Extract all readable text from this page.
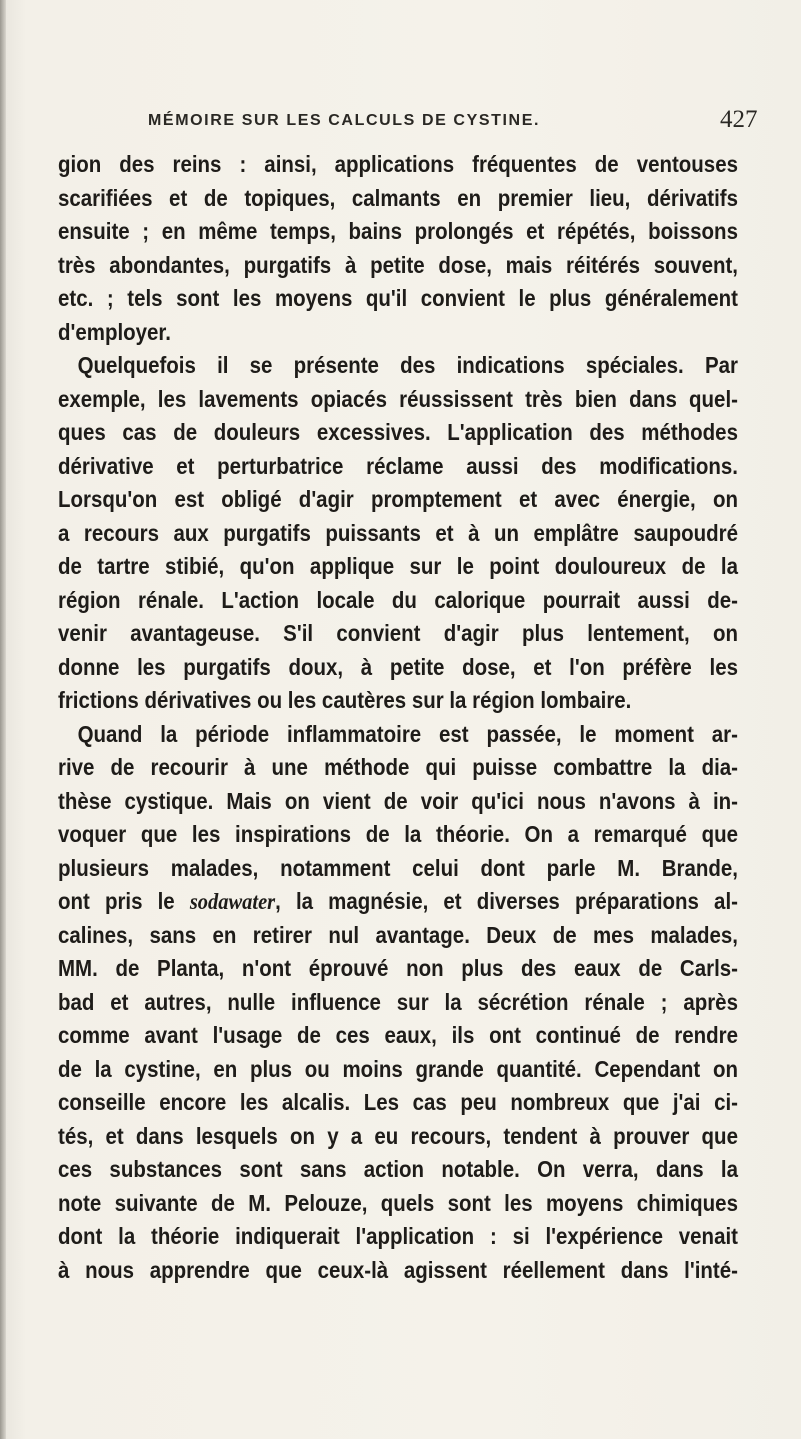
MÉMOIRE SUR LES CALCULS DE CYSTINE.	427
gion des reins : ainsi, applications fréquentes de ventouses
scarifiées et de topiques, calmants en premier lieu, dérivatifs
ensuite ; en même temps, bains prolongés et répétés, boissons
très abondantes, purgatifs à petite dose, mais réitérés souvent,
etc. ; tels sont les moyens qu'il convient le plus généralement
d'employer.
Quelquefois il se présente des indications spéciales. Par
exemple, les lavements opiacés réussissent très bien dans quel-
ques cas de douleurs excessives. L'application des méthodes
dérivative et perturbatrice réclame aussi des modifications.
Lorsqu'on est obligé d'agir promptement et avec énergie, on
a recours aux purgatifs puissants et à un emplâtre saupoudré
de tartre stibié, qu'on applique sur le point douloureux de la
région rénale. L'action locale du calorique pourrait aussi de-
venir avantageuse. S'il convient d'agir plus lentement, on
donne les purgatifs doux, à petite dose, et l'on préfère les
frictions dérivatives ou les cautères sur la région lombaire.
Quand la période inflammatoire est passée, le moment ar-
rive de recourir à une méthode qui puisse combattre la dia-
thèse cystique. Mais on vient de voir qu'ici nous n'avons à in-
voquer que les inspirations de la théorie. On a remarqué que
plusieurs malades, notamment celui dont parle M. Brande,
ont pris le sodawater, la magnésie, et diverses préparations al-
calines, sans en retirer nul avantage. Deux de mes malades,
MM. de Planta, n'ont éprouvé non plus des eaux de Carls-
bad et autres, nulle influence sur la sécrétion rénale ; après
comme avant l'usage de ces eaux, ils ont continué de rendre
de la cystine, en plus ou moins grande quantité. Cependant on
conseille encore les alcalis. Les cas peu nombreux que j'ai ci-
tés, et dans lesquels on y a eu recours, tendent à prouver que
ces substances sont sans action notable. On verra, dans la
note suivante de M. Pelouze, quels sont les moyens chimiques
dont la théorie indiquerait l'application : si l'expérience venait
à nous apprendre que ceux-là agissent réellement dans l'inté-
